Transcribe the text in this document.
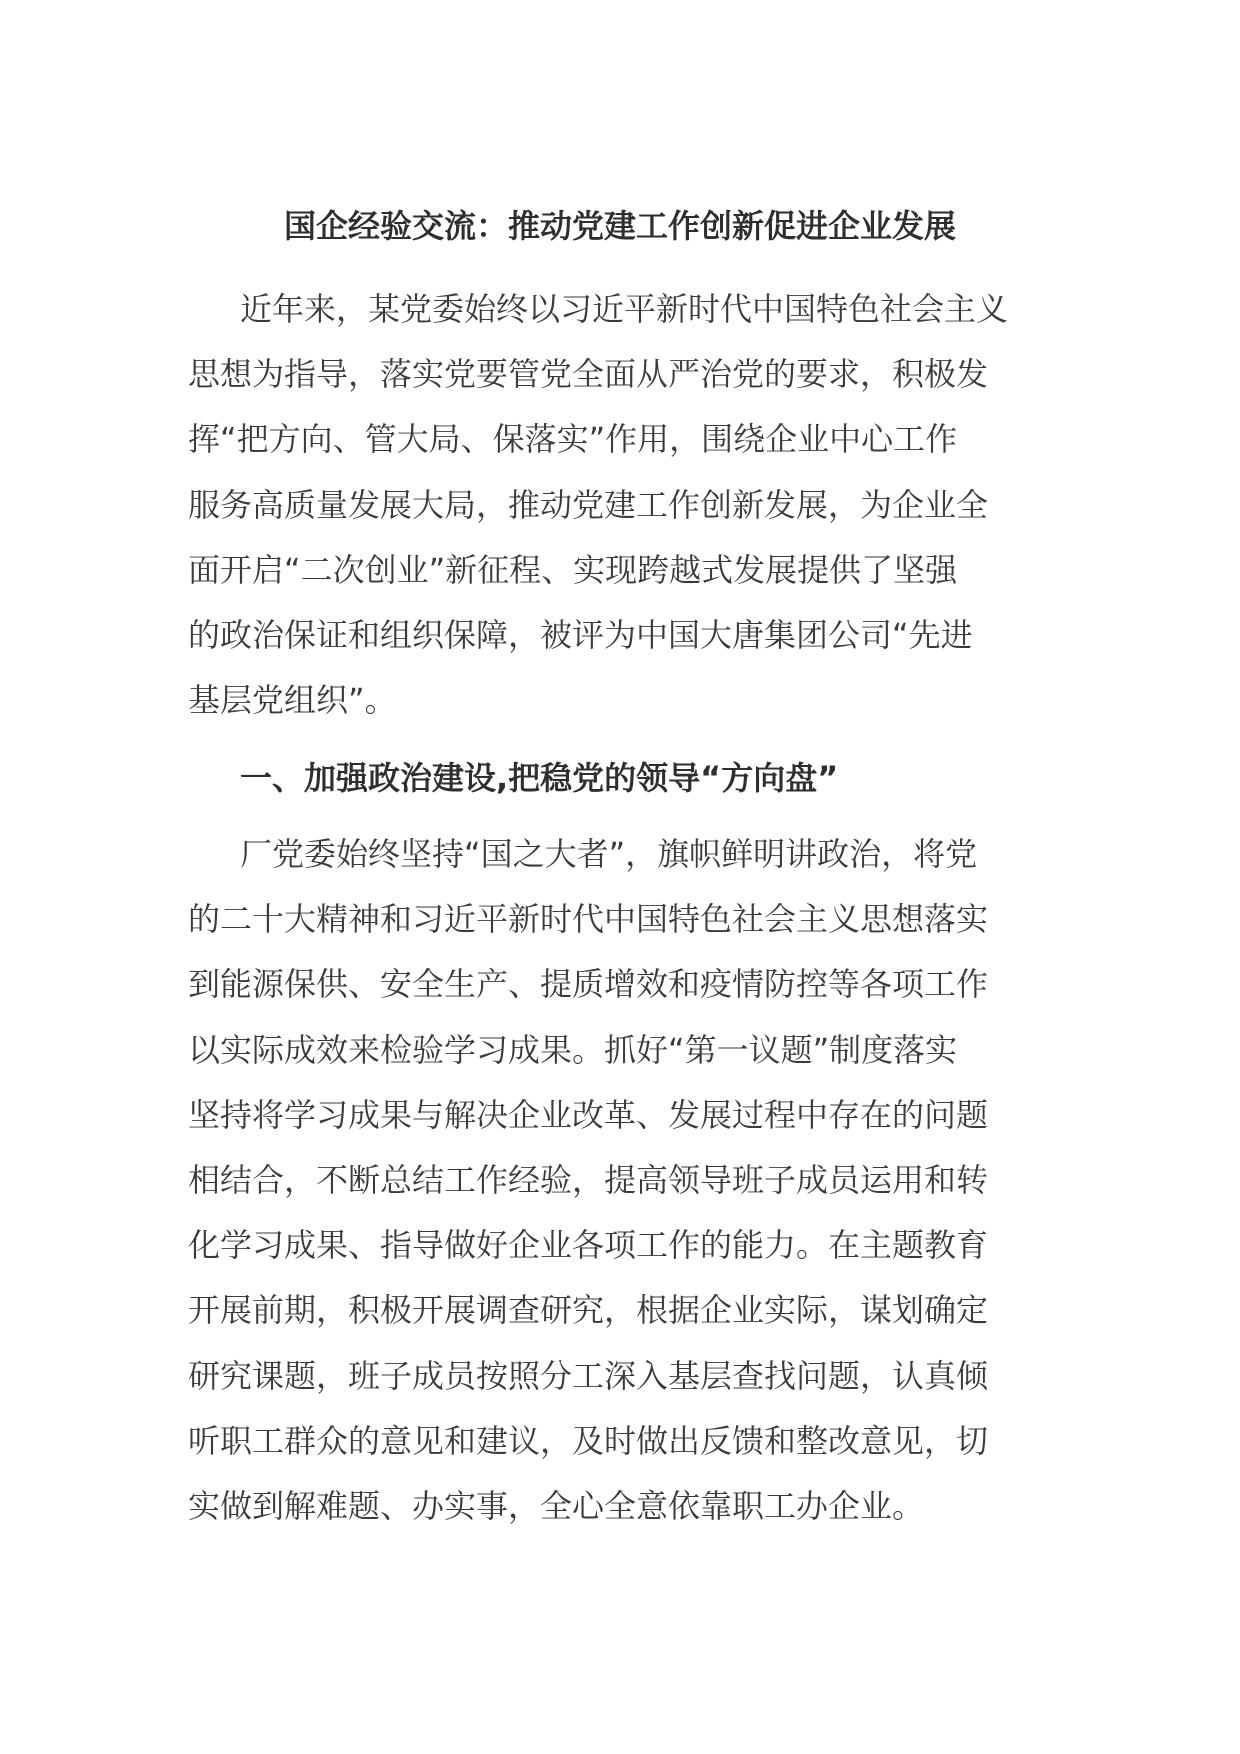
国企经验交流：推动党建工作创新促进企业发展
近年来，某党委始终以习近平新时代中国特色社会主义
思想为指导，落实党要管党全面从严治党的要求，积极发
挥“把方向、管大局、保落实”作用，围绕企业中心工作
服务高质量发展大局，推动党建工作创新发展，为企业全
面开启“二次创业”新征程、实现跨越式发展提供了坚强
的政治保证和组织保障，被评为中国大唐集团公司“先进
基层党组织”。
一、加强政治建设,把稳党的领导“方向盘”
厂党委始终坚持“国之大者”，旗帜鲜明讲政治，将党
的二十大精神和习近平新时代中国特色社会主义思想落实
到能源保供、安全生产、提质增效和疫情防控等各项工作
以实际成效来检验学习成果。抓好“第一议题”制度落实
坚持将学习成果与解决企业改革、发展过程中存在的问题
相结合，不断总结工作经验，提高领导班子成员运用和转
化学习成果、指导做好企业各项工作的能力。在主题教育
开展前期，积极开展调查研究，根据企业实际，谋划确定
研究课题，班子成员按照分工深入基层查找问题，认真倾
听职工群众的意见和建议，及时做出反馈和整改意见，切
实做到解难题、办实事，全心全意依靠职工办企业。
